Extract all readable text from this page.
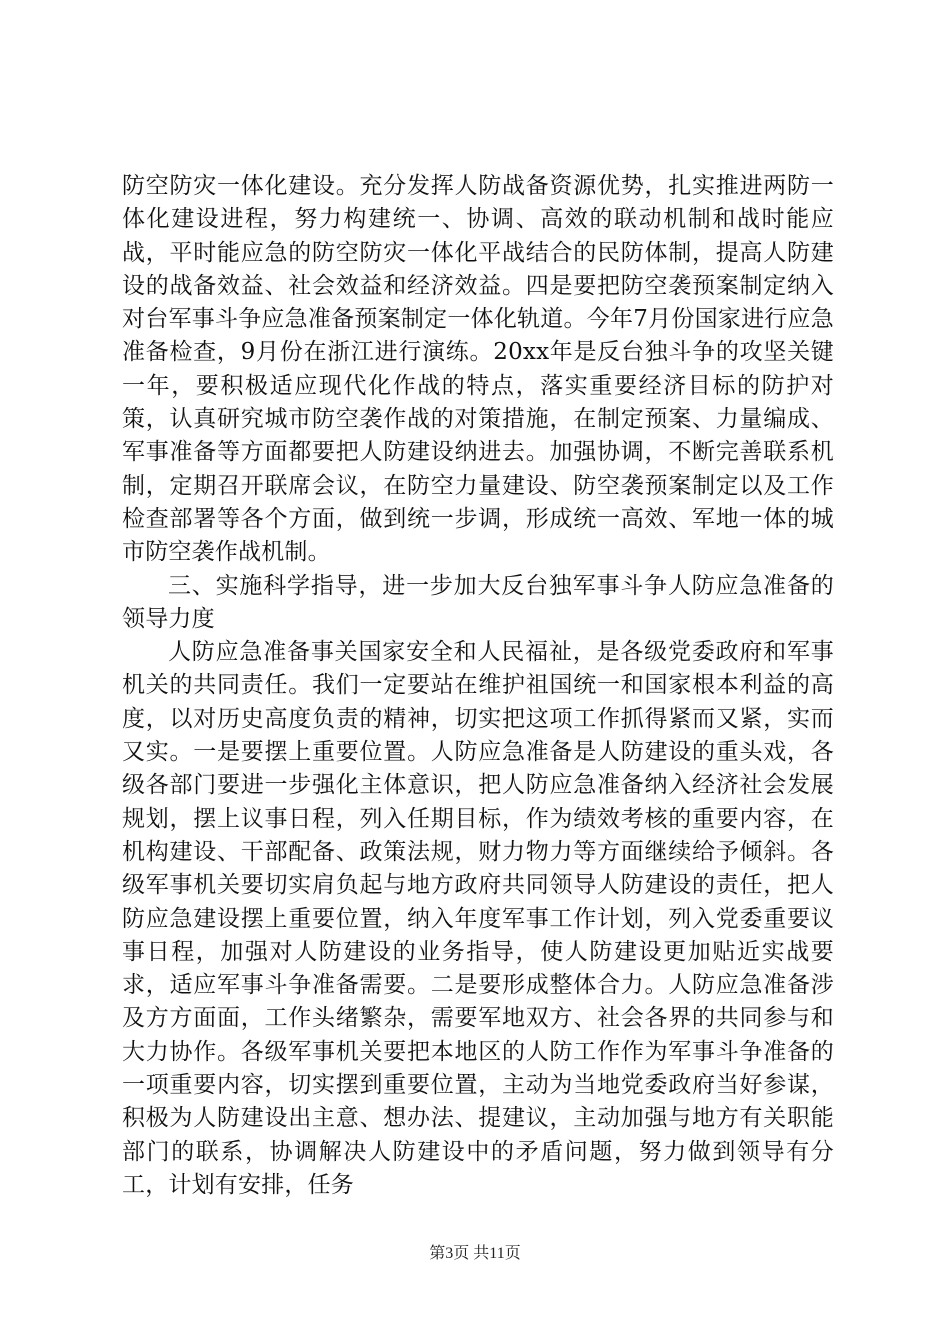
防空防灾一体化建设。充分发挥人防战备资源优势，扎实推进两防一体化建设进程，努力构建统一、协调、高效的联动机制和战时能应战，平时能应急的防空防灾一体化平战结合的民防体制，提高人防建设的战备效益、社会效益和经济效益。四是要把防空袭预案制定纳入对台军事斗争应急准备预案制定一体化轨道。今年7月份国家进行应急准备检查，9月份在浙江进行演练。20xx年是反台独斗争的攻坚关键一年，要积极适应现代化作战的特点，落实重要经济目标的防护对策，认真研究城市防空袭作战的对策措施，在制定预案、力量编成、军事准备等方面都要把人防建设纳进去。加强协调，不断完善联系机制，定期召开联席会议，在防空力量建设、防空袭预案制定以及工作检查部署等各个方面，做到统一步调，形成统一高效、军地一体的城市防空袭作战机制。

三、实施科学指导，进一步加大反台独军事斗争人防应急准备的领导力度

人防应急准备事关国家安全和人民福祉，是各级党委政府和军事机关的共同责任。我们一定要站在维护祖国统一和国家根本利益的高度，以对历史高度负责的精神，切实把这项工作抓得紧而又紧，实而又实。一是要摆上重要位置。人防应急准备是人防建设的重头戏，各级各部门要进一步强化主体意识，把人防应急准备纳入经济社会发展规划，摆上议事日程，列入任期目标，作为绩效考核的重要内容，在机构建设、干部配备、政策法规，财力物力等方面继续给予倾斜。各级军事机关要切实肩负起与地方政府共同领导人防建设的责任，把人防应急建设摆上重要位置，纳入年度军事工作计划，列入党委重要议事日程，加强对人防建设的业务指导，使人防建设更加贴近实战要求，适应军事斗争准备需要。二是要形成整体合力。人防应急准备涉及方方面面，工作头绪繁杂，需要军地双方、社会各界的共同参与和大力协作。各级军事机关要把本地区的人防工作作为军事斗争准备的一项重要内容，切实摆到重要位置，主动为当地党委政府当好参谋，积极为人防建设出主意、想办法、提建议，主动加强与地方有关职能部门的联系，协调解决人防建设中的矛盾问题，努力做到领导有分工，计划有安排，任务

第3页 共11页
